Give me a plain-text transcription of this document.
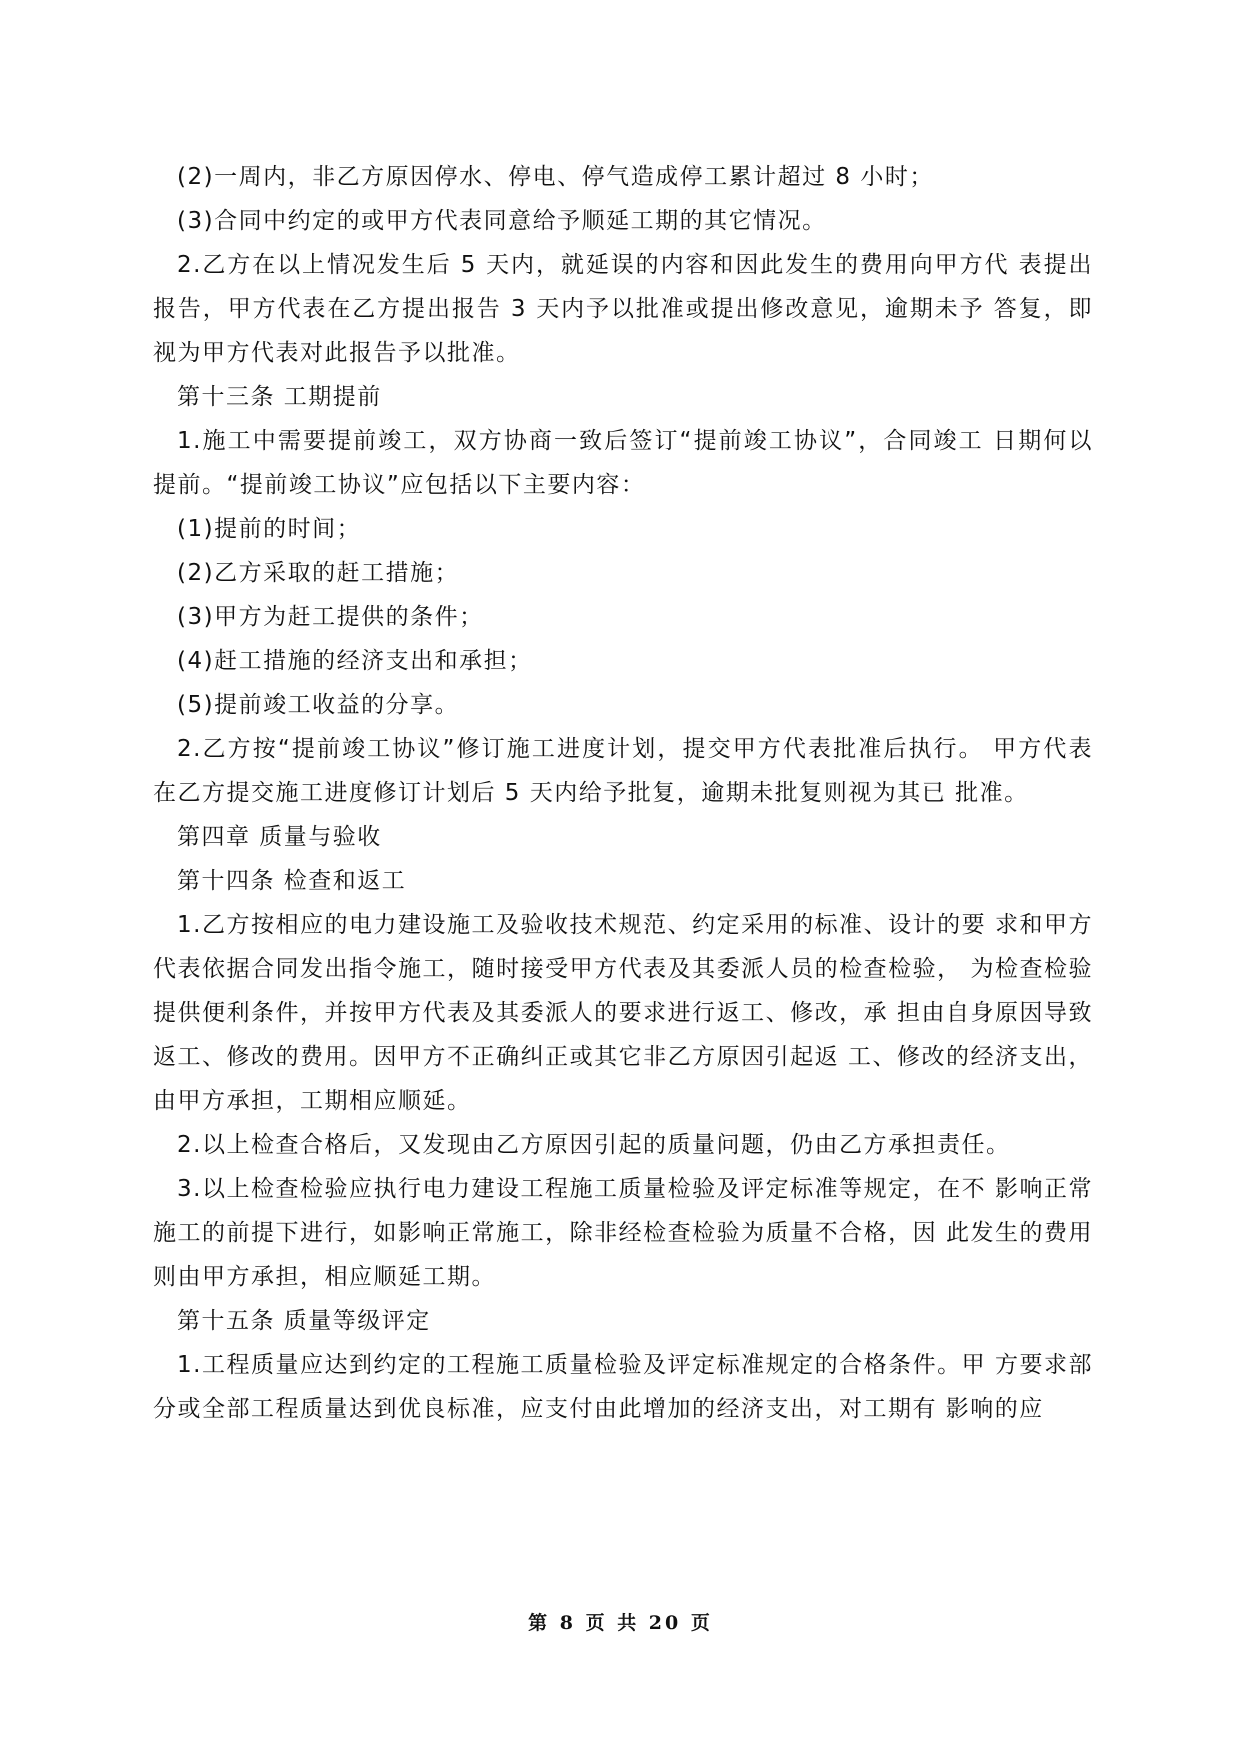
(2)一周内，非乙方原因停水、停电、停气造成停工累计超过 8 小时；

(3)合同中约定的或甲方代表同意给予顺延工期的其它情况。

2.乙方在以上情况发生后 5 天内，就延误的内容和因此发生的费用向甲方代 表提出报告，甲方代表在乙方提出报告 3 天内予以批准或提出修改意见，逾期未予 答复，即视为甲方代表对此报告予以批准。

第十三条 工期提前

1.施工中需要提前竣工，双方协商一致后签订“提前竣工协议”，合同竣工 日期何以提前。“提前竣工协议”应包括以下主要内容：

(1)提前的时间；

(2)乙方采取的赶工措施；

(3)甲方为赶工提供的条件；

(4)赶工措施的经济支出和承担；

(5)提前竣工收益的分享。

2.乙方按“提前竣工协议”修订施工进度计划，提交甲方代表批准后执行。 甲方代表在乙方提交施工进度修订计划后 5 天内给予批复，逾期未批复则视为其已 批准。

第四章 质量与验收

第十四条 检查和返工

1.乙方按相应的电力建设施工及验收技术规范、约定采用的标准、设计的要 求和甲方代表依据合同发出指令施工，随时接受甲方代表及其委派人员的检查检验， 为检查检验提供便利条件，并按甲方代表及其委派人的要求进行返工、修改，承 担由自身原因导致返工、修改的费用。因甲方不正确纠正或其它非乙方原因引起返 工、修改的经济支出，由甲方承担，工期相应顺延。

2.以上检查合格后，又发现由乙方原因引起的质量问题，仍由乙方承担责任。

3.以上检查检验应执行电力建设工程施工质量检验及评定标准等规定，在不 影响正常施工的前提下进行，如影响正常施工，除非经检查检验为质量不合格，因 此发生的费用则由甲方承担，相应顺延工期。

第十五条 质量等级评定

1.工程质量应达到约定的工程施工质量检验及评定标准规定的合格条件。甲 方要求部分或全部工程质量达到优良标准，应支付由此增加的经济支出，对工期有 影响的应

第 8 页 共 20 页
